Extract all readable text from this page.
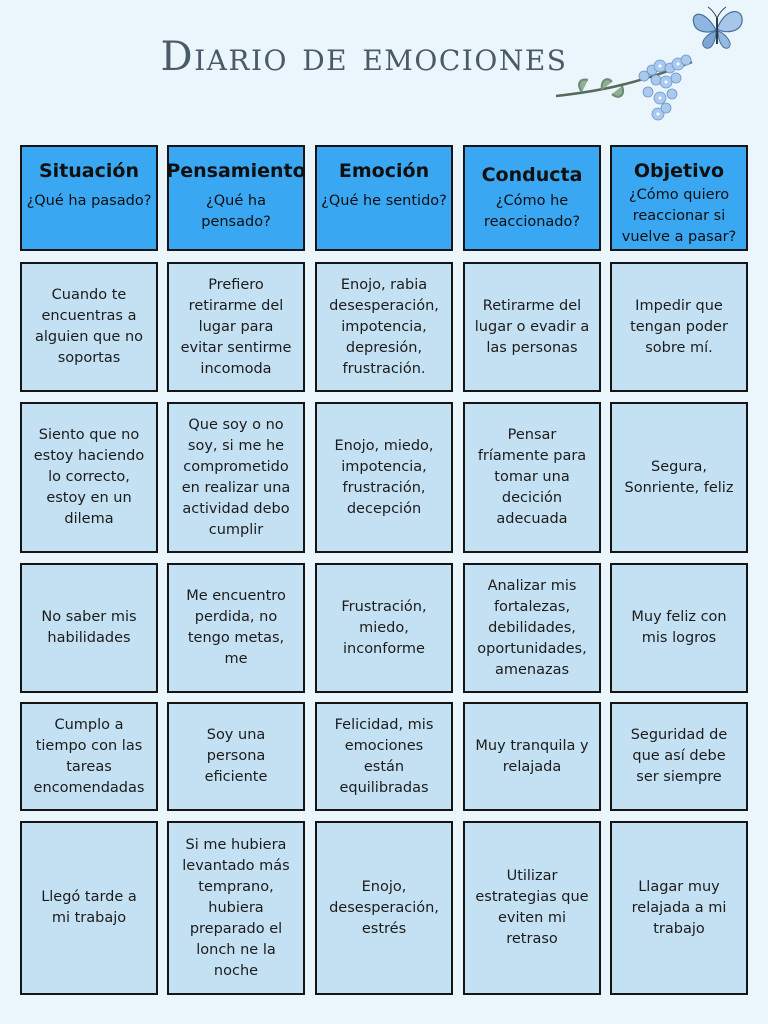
Diario de emociones
Situación
¿Qué ha pasado?
Pensamiento
¿Qué ha pensado?
Emoción
¿Qué he sentido?
Conducta
¿Cómo he reaccionado?
Objetivo
¿Cómo quiero reaccionar si vuelve a pasar?
Cuando te encuentras a alguien que no soportas
Prefiero retirarme del lugar para evitar sentirme incomoda
Enojo, rabia desesperación, impotencia, depresión, frustración.
Retirarme del lugar o evadir a las personas
Impedir que tengan poder sobre mí.
Siento que no estoy haciendo lo correcto, estoy en un dilema
Que soy o no soy, si me he comprometido en realizar una actividad debo cumplir
Enojo, miedo, impotencia, frustración, decepción
Pensar fríamente para tomar una decición adecuada
Segura, Sonriente, feliz
No saber mis habilidades
Me encuentro perdida, no tengo metas, me
Frustración, miedo, inconforme
Analizar mis fortalezas, debilidades, oportunidades, amenazas
Muy feliz con mis logros
Cumplo a tiempo con las tareas encomendadas
Soy una persona eficiente
Felicidad, mis emociones están equilibradas
Muy tranquila y relajada
Seguridad de que así debe ser siempre
Llegó tarde a mi trabajo
Si me hubiera levantado más temprano, hubiera preparado el lonch ne la noche
Enojo, desesperación, estrés
Utilizar estrategias que eviten mi retraso
Llagar muy relajada a mi trabajo
